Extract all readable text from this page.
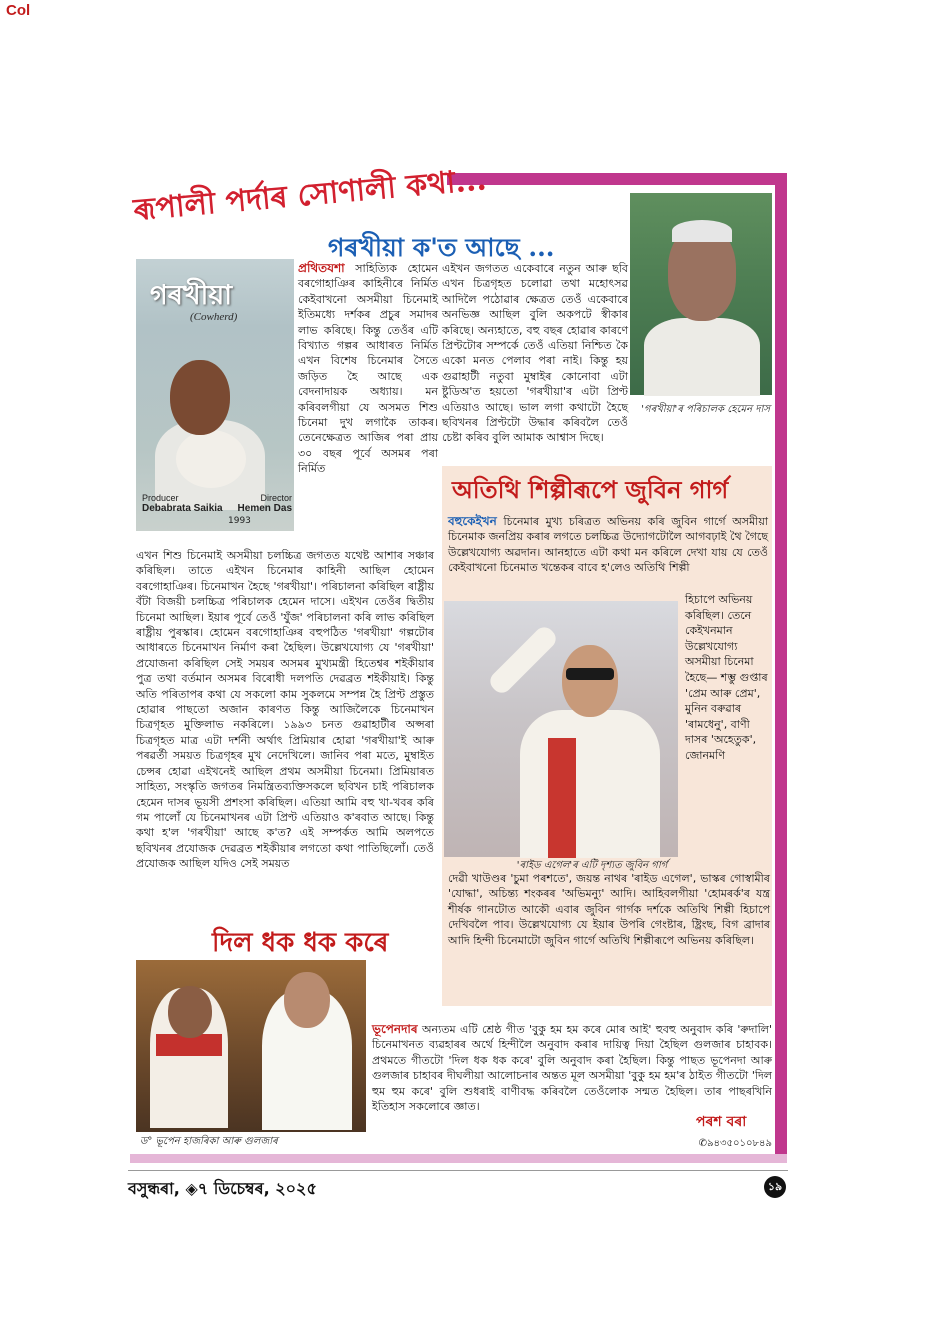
Col
ৰূপালী পৰ্দাৰ সোণালী কথা...
গৰখীয়া ক'ত আছে ...
গৰখীয়া
(Cowherd)
Producer	Director
Debabrata Saikia Hemen Das
1993

প্ৰথিতযশা সাহিত্যিক হোমেন বৰগোহাঞিৰ কাহিনীৰে নিৰ্মিত কেইবাখনো অসমীয়া চিনেমাই ইতিমধ্যে দৰ্শকৰ প্ৰচুৰ সমাদৰ লাভ কৰিছে। কিন্তু তেওঁৰ এটি বিখ্যাত গল্পৰ আধাৰত নিৰ্মিত এখন বিশেষ চিনেমাৰ সৈতে জড়িত হৈ আছে এক বেদনাদায়ক অধ্যায়। মন কৰিবলগীয়া যে অসমত শিশু চিনেমা দুখ লগাকৈ তাকৰ। তেনেক্ষেত্ৰত আজিৰ পৰা প্ৰায় ৩০ বছৰ পূৰ্বে অসমৰ পৰা নিৰ্মিত

এইখন জগতত একেবাৰে নতুন আৰু ছবি এখন চিত্ৰগৃহত চলোৱা তথা মহোৎসৱ আদিলৈ পঠোৱাৰ ক্ষেত্ৰত তেওঁ একেবাৰে অনভিজ্ঞ আছিল বুলি অকপটে স্বীকাৰ কৰিছে। অন্যহাতে, বহু বছৰ হোৱাৰ কাৰণে প্ৰিণ্টটোৰ সম্পৰ্কে তেওঁ এতিয়া নিশ্চিত কৈ একো মনত পেলাব পৰা নাই। কিন্তু হয় গুৱাহাটী নতুবা মুম্বাইৰ কোনোবা এটা ষ্টুডিঅ'ত হয়তো 'গৰখীয়া'ৰ এটা প্ৰিণ্ট এতিয়াও আছে। ভাল লগা কথাটো হৈছে ছবিখনৰ প্ৰিণ্টটো উদ্ধাৰ কৰিবলৈ তেওঁ চেষ্টা কৰিব বুলি আমাক আশ্বাস দিছে।

'গৰখীয়া'ৰ পৰিচালক হেমেন দাস

এখন শিশু চিনেমাই অসমীয়া চলচ্চিত্ৰ জগতত যথেষ্ট আশাৰ সঞ্চাৰ কৰিছিল। তাতে এইখন চিনেমাৰ কাহিনী আছিল হোমেন বৰগোহাঞিৰ। চিনেমাখন হৈছে 'গৰখীয়া'। পৰিচালনা কৰিছিল ৰাষ্ট্ৰীয় বঁটা বিজয়ী চলচ্চিত্ৰ পৰিচালক হেমেন দাসে। এইখন তেওঁৰ দ্বিতীয় চিনেমা আছিল। ইয়াৰ পূৰ্বে তেওঁ 'যুঁজ' পৰিচালনা কৰি লাভ কৰিছিল ৰাষ্ট্ৰীয় পুৰস্কাৰ। হোমেন বৰগোহাঞিৰ বহুপঠিত 'গৰখীয়া' গল্পটোৰ আধাৰতে চিনেমাখন নিৰ্মাণ কৰা হৈছিল। উল্লেখযোগ্য যে 'গৰখীয়া' প্ৰযোজনা কৰিছিল সেই সময়ৰ অসমৰ মুখ্যমন্ত্ৰী হিতেশ্বৰ শইকীয়াৰ পুত্ৰ তথা বৰ্তমান অসমৰ বিৰোধী দলপতি দেৱব্ৰত শইকীয়াই। কিন্তু অতি পৰিতাপৰ কথা যে সকলো কাম সুকলমে সম্পন্ন হৈ প্ৰিণ্ট প্ৰস্তুত হোৱাৰ পাছতো অজান কাৰণত কিন্তু আজিলৈকে চিনেমাখন চিত্ৰগৃহত মুক্তিলাভ নকৰিলে। ১৯৯৩ চনত গুৱাহাটীৰ অপ্সৰা চিত্ৰগৃহত মাত্ৰ এটা দৰ্শনী অৰ্থাৎ প্ৰিমিয়াৰ হোৱা 'গৰখীয়া'ই আৰু পৰৱৰ্তী সময়ত চিত্ৰগৃহৰ মুখ নেদেখিলে। জানিব পৰা মতে, মুম্বাইত চেন্সৰ হোৱা এইখনেই আছিল প্ৰথম অসমীয়া চিনেমা। প্ৰিমিয়াৰত সাহিত্য, সংস্কৃতি জগতৰ নিমন্ত্ৰিতব্যক্তিসকলে ছবিখন চাই পৰিচালক হেমেন দাসৰ ভূয়সী প্ৰশংসা কৰিছিল। এতিয়া আমি বহু খা-খবৰ কৰি গম পালোঁ যে চিনেমাখনৰ এটা প্ৰিণ্ট এতিয়াও ক'ৰবাত আছে। কিন্তু কথা হ'ল 'গৰখীয়া' আছে ক'ত? এই সম্পৰ্কত আমি অলপতে ছবিখনৰ প্ৰযোজক দেৱব্ৰত শইকীয়াৰ লগতো কথা পাতিছিলোঁ। তেওঁ প্ৰযোজক আছিল যদিও সেই সময়ত

অতিথি শিল্পীৰূপে জুবিন গাৰ্গ

বহুকেইখন চিনেমাৰ মুখ্য চৰিত্ৰত অভিনয় কৰি জুবিন গাৰ্গে অসমীয়া চিনেমাক জনপ্ৰিয় কৰাৰ লগতে চলচ্চিত্ৰ উদ্যোগটোলৈ আগবঢ়াই থৈ গৈছে উল্লেখযোগ্য অৱদান। আনহাতে এটা কথা মন কৰিলে দেখা যায় যে তেওঁ কেইবাখনো চিনেমাত খন্তেকৰ বাবে হ'লেও অতিথি শিল্পী

'ৰাইড এগেল'ৰ এটি দৃশ্যত জুবিন গাৰ্গ

হিচাপে অভিনয় কৰিছিল। তেনে কেইখনমান উল্লেখযোগ্য অসমীয়া চিনেমা হৈছে— শম্ভু গুপ্তাৰ 'প্ৰেম আৰু প্ৰেম', মুনিন বৰুৱাৰ 'ৰামধেনু', বাণী দাসৰ 'অহেতুক', জোনমণি

দেৱী খাউণ্ডৰ 'চুমা পৰশতে', জয়ন্ত নাথৰ 'ৰাইড এগেল', ভাস্কৰ গোস্বামীৰ 'যোদ্ধা', অচিন্ত্য শংকৰৰ 'অভিমন্যু' আদি। আহিবলগীয়া 'হোমৰৰ্ক'ৰ যন্ত্ৰ শীৰ্ষক গানটোত আকৌ এবাৰ জুবিন গাৰ্গক দৰ্শকে অতিথি শিল্পী হিচাপে দেখিবলৈ পাব। উল্লেখযোগ্য যে ইয়াৰ উপৰি গেংষ্টাৰ, ষ্ট্ৰিংছ, বিগ ব্ৰাদাৰ আদি হিন্দী চিনেমাটো জুবিন গাৰ্গে অতিথি শিল্পীৰূপে অভিনয় কৰিছিল।

দিল ধক ধক কৰে
ড° ভূপেন হাজৰিকা আৰু গুলজাৰ

ভূপেনদাৰ অন্যতম এটি শ্ৰেষ্ঠ গীত 'বুকু হম হম কৰে মোৰ আই' হুবহু অনুবাদ কৰি 'ৰুদালি' চিনেমাখনত ব্যৱহাৰৰ অৰ্থে হিন্দীলৈ অনুবাদ কৰাৰ দায়িত্ব দিয়া হৈছিল গুলজাৰ চাহাবক। প্ৰথমতে গীতটো 'দিল ধক ধক কৰে' বুলি অনুবাদ কৰা হৈছিল। কিন্তু পাছত ভূপেনদা আৰু গুলজাৰ চাহাবৰ দীঘলীয়া আলোচনাৰ অন্তত মূল অসমীয়া 'বুকু হম হম'ৰ ঠাইত গীতটো 'দিল হুম হুম কৰে' বুলি শুধৰাই বাণীবদ্ধ কৰিবলৈ তেওঁলোক সন্মত হৈছিল। তাৰ পাছৰখিনি ইতিহাস সকলোৰে জ্ঞাত।

পৰশ বৰা
✆৯৪৩৫০১০৮৪৯
বসুন্ধৰা, ◈৭ ডিচেম্বৰ, ২০২৫	১৯
